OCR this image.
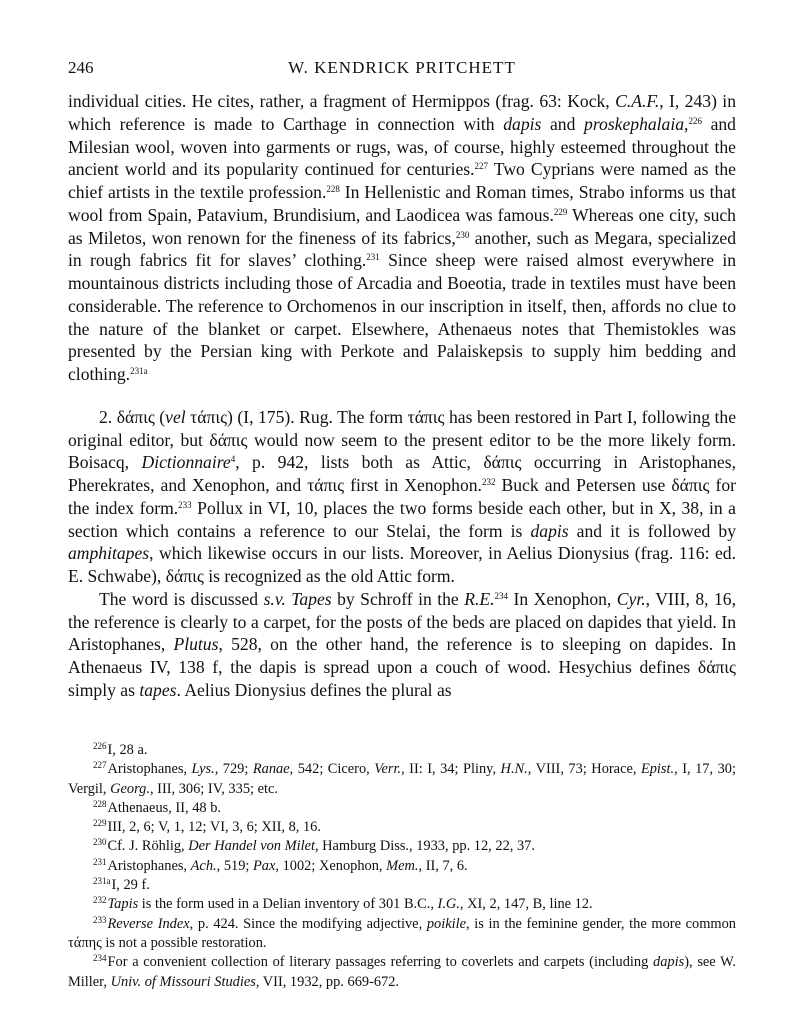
246	W. KENDRICK PRITCHETT

individual cities. He cites, rather, a fragment of Hermippos (frag. 63: Kock, C.A.F., I, 243) in which reference is made to Carthage in connection with dapis and proskephalaia,$^{226}$ and Milesian wool, woven into garments or rugs, was, of course, highly esteemed throughout the ancient world and its popularity continued for centuries.$^{227}$ Two Cyprians were named as the chief artists in the textile profession.$^{228}$ In Hellenistic and Roman times, Strabo informs us that wool from Spain, Patavium, Brundisium, and Laodicea was famous.$^{229}$ Whereas one city, such as Miletos, won renown for the fineness of its fabrics,$^{230}$ another, such as Megara, specialized in rough fabrics fit for slaves’ clothing.$^{231}$ Since sheep were raised almost everywhere in mountainous districts including those of Arcadia and Boeotia, trade in textiles must have been considerable. The reference to Orchomenos in our inscription in itself, then, affords no clue to the nature of the blanket or carpet. Elsewhere, Athenaeus notes that Themistokles was presented by the Persian king with Perkote and Palaiskepsis to supply him bedding and clothing.$^{231a}$

2. δάπις (vel τάπις) (I, 175). Rug. The form τάπις has been restored in Part I, following the original editor, but δάπις would now seem to the present editor to be the more likely form. Boisacq, Dictionnaire$^4$, p. 942, lists both as Attic, δάπις occurring in Aristophanes, Pherekrates, and Xenophon, and τάπις first in Xenophon.$^{232}$ Buck and Petersen use δάπις for the index form.$^{233}$ Pollux in VI, 10, places the two forms beside each other, but in X, 38, in a section which contains a reference to our Stelai, the form is dapis and it is followed by amphitapes, which likewise occurs in our lists. Moreover, in Aelius Dionysius (frag. 116: ed. E. Schwabe), δάπις is recognized as the old Attic form.

The word is discussed s.v. Tapes by Schroff in the R.E.$^{234}$ In Xenophon, Cyr., VIII, 8, 16, the reference is clearly to a carpet, for the posts of the beds are placed on dapides that yield. In Aristophanes, Plutus, 528, on the other hand, the reference is to sleeping on dapides. In Athenaeus IV, 138 f, the dapis is spread upon a couch of wood. Hesychius defines δάπις simply as tapes. Aelius Dionysius defines the plural as

$^{226}$I, 28 a.

$^{227}$Aristophanes, Lys., 729; Ranae, 542; Cicero, Verr., II: I, 34; Pliny, H.N., VIII, 73; Horace, Epist., I, 17, 30; Vergil, Georg., III, 306; IV, 335; etc.

$^{228}$Athenaeus, II, 48 b.

$^{229}$III, 2, 6; V, 1, 12; VI, 3, 6; XII, 8, 16.

$^{230}$Cf. J. Röhlig, Der Handel von Milet, Hamburg Diss., 1933, pp. 12, 22, 37.

$^{231}$Aristophanes, Ach., 519; Pax, 1002; Xenophon, Mem., II, 7, 6.

$^{231a}$I, 29 f.

$^{232}$Tapis is the form used in a Delian inventory of 301 B.C., I.G., XI, 2, 147, B, line 12.

$^{233}$Reverse Index, p. 424. Since the modifying adjective, poikile, is in the feminine gender, the more common τάπης is not a possible restoration.

$^{234}$For a convenient collection of literary passages referring to coverlets and carpets (including dapis), see W. Miller, Univ. of Missouri Studies, VII, 1932, pp. 669-672.
